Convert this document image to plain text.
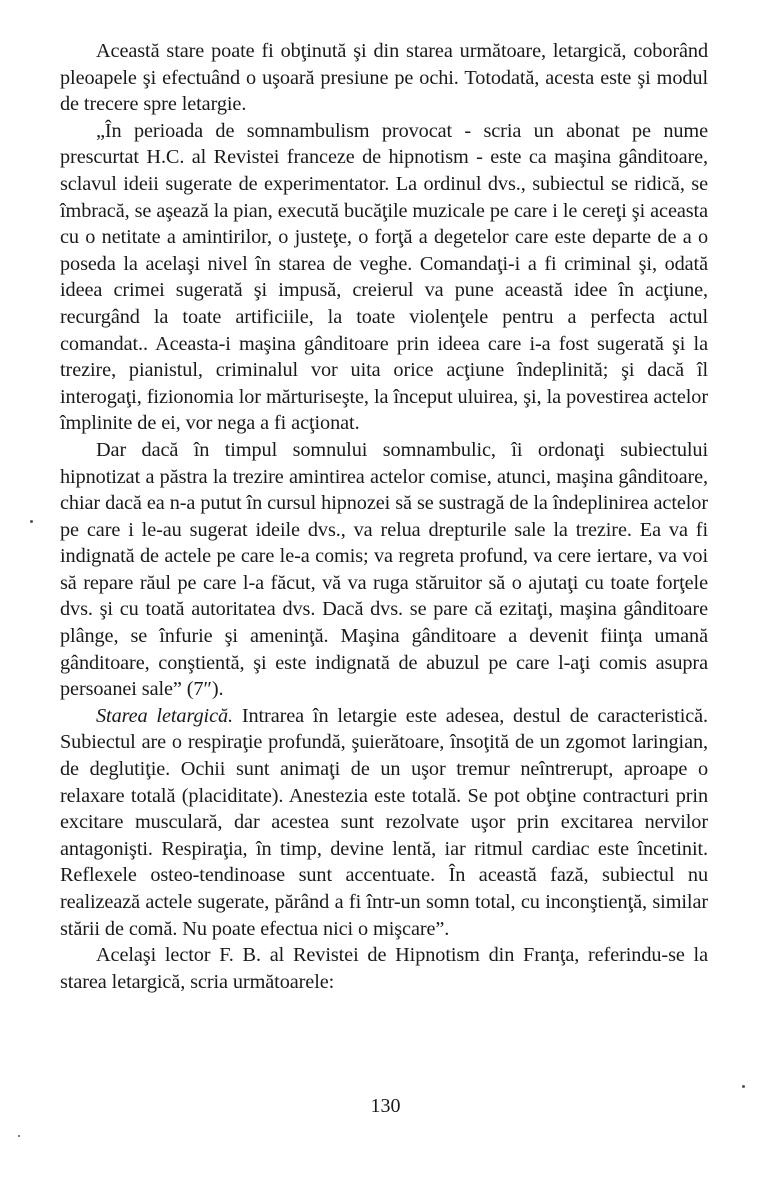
Această stare poate fi obţinută şi din starea următoare, letargică, coborând pleoapele şi efectuând o uşoară presiune pe ochi. Totodată, acesta este şi modul de trecere spre letargie.

„În perioada de somnambulism provocat - scria un abonat pe nume prescurtat H.C. al Revistei franceze de hipnotism - este ca maşina gânditoare, sclavul ideii sugerate de experimentator. La ordinul dvs., subiectul se ridică, se îmbracă, se aşează la pian, execută bucăţile muzicale pe care i le cereţi şi aceasta cu o netitate a amintirilor, o justeţe, o forţă a degetelor care este departe de a o poseda la acelaşi nivel în starea de veghe. Comandaţi-i a fi criminal şi, odată ideea crimei sugerată şi impusă, creierul va pune această idee în acţiune, recurgând la toate artificiile, la toate violenţele pentru a perfecta actul comandat.. Aceasta-i maşina gânditoare prin ideea care i-a fost sugerată şi la trezire, pianistul, criminalul vor uita orice acţiune îndeplinită; şi dacă îl interogaţi, fizionomia lor mărturiseşte, la început uluirea, şi, la povestirea actelor împlinite de ei, vor nega a fi acţionat.

Dar dacă în timpul somnului somnambulic, îi ordonaţi subiectului hipnotizat a păstra la trezire amintirea actelor comise, atunci, maşina gânditoare, chiar dacă ea n-a putut în cursul hipnozei să se sustragă de la îndeplinirea actelor pe care i le-au sugerat ideile dvs., va relua drepturile sale la trezire. Ea va fi indignată de actele pe care le-a comis; va regreta profund, va cere iertare, va voi să repare răul pe care l-a făcut, vă va ruga stăruitor să o ajutaţi cu toate forţele dvs. şi cu toată autoritatea dvs. Dacă dvs. se pare că ezitaţi, maşina gânditoare plânge, se înfurie şi ameninţă. Maşina gânditoare a devenit fiinţa umană gânditoare, conştientă, şi este indignată de abuzul pe care l-aţi comis asupra persoanei sale” (7″).

Starea letargică. Intrarea în letargie este adesea, destul de caracteristică. Subiectul are o respiraţie profundă, şuierătoare, însoţită de un zgomot laringian, de deglutiţie. Ochii sunt animaţi de un uşor tremur neîntrerupt, aproape o relaxare totală (placiditate). Anestezia este totală. Se pot obţine contracturi prin excitare musculară, dar acestea sunt rezolvate uşor prin excitarea nervilor antagonişti. Respiraţia, în timp, devine lentă, iar ritmul cardiac este încetinit. Reflexele osteo-tendinoase sunt accentuate. În această fază, subiectul nu realizează actele sugerate, părând a fi într-un somn total, cu inconştienţă, similar stării de comă. Nu poate efectua nici o mişcare”.

Acelaşi lector F. B. al Revistei de Hipnotism din Franţa, referindu-se la starea letargică, scria următoarele:

130
